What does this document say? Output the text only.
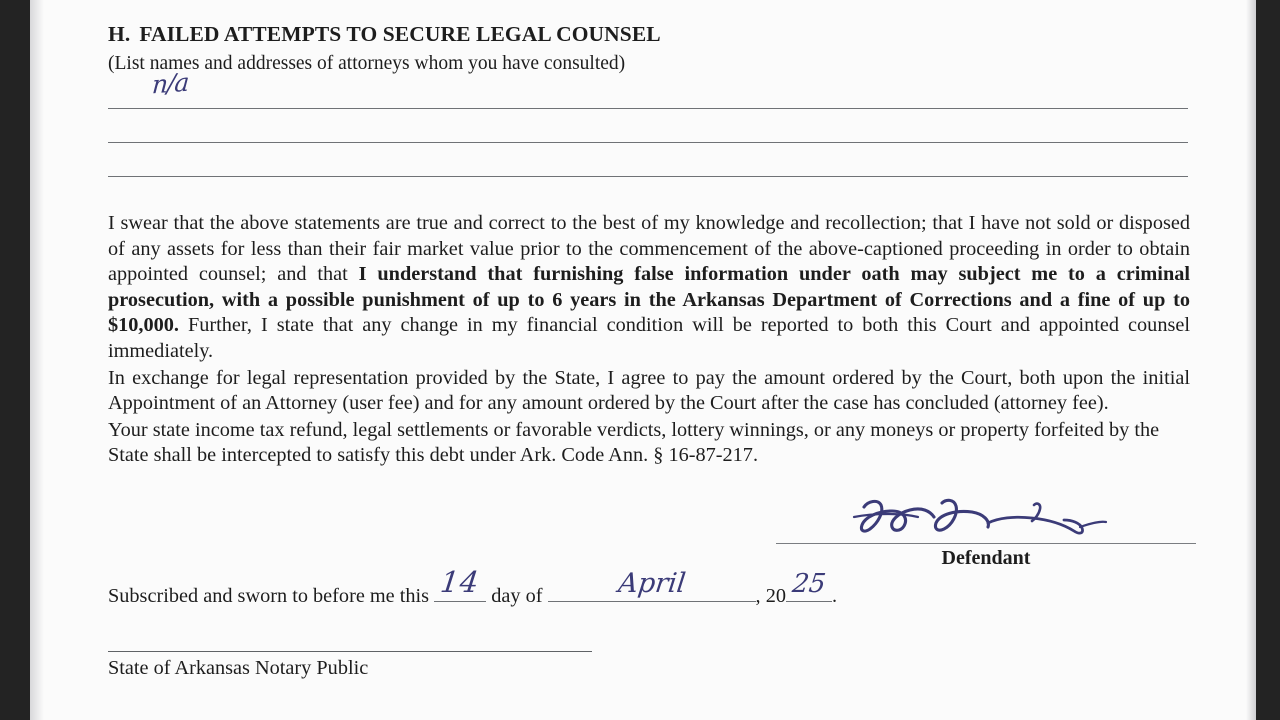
H. FAILED ATTEMPTS TO SECURE LEGAL COUNSEL

(List names and addresses of attorneys whom you have consulted)

n/a

I swear that the above statements are true and correct to the best of my knowledge and recollection; that I have not sold or disposed of any assets for less than their fair market value prior to the commencement of the above-captioned proceeding in order to obtain appointed counsel; and that I understand that furnishing false information under oath may subject me to a criminal prosecution, with a possible punishment of up to 6 years in the Arkansas Department of Corrections and a fine of up to $10,000. Further, I state that any change in my financial condition will be reported to both this Court and appointed counsel immediately.

In exchange for legal representation provided by the State, I agree to pay the amount ordered by the Court, both upon the initial Appointment of an Attorney (user fee) and for any amount ordered by the Court after the case has concluded (attorney fee).

Your state income tax refund, legal settlements or favorable verdicts, lottery winnings, or any moneys or property forfeited by the State shall be intercepted to satisfy this debt under Ark. Code Ann. § 16-87-217.

Defendant
Subscribed and sworn to before me this 14 day of	April	, 20 25 .
State of Arkansas Notary Public
